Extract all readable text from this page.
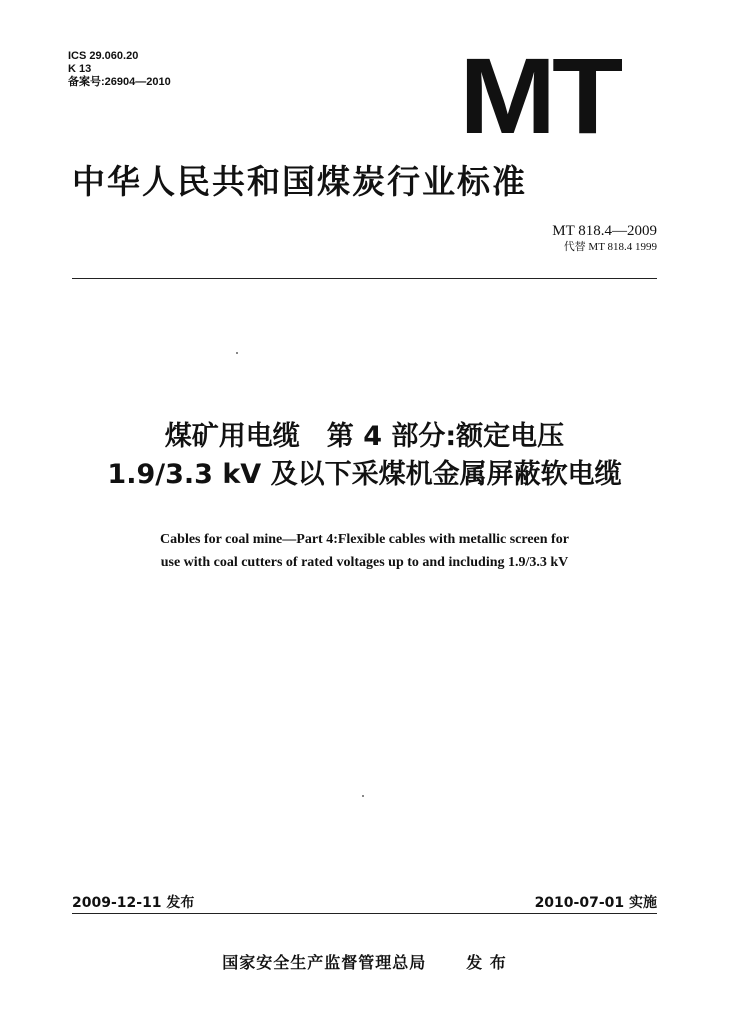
ICS 29.060.20
K 13
备案号:26904—2010	MT
中华人民共和国煤炭行业标准
MT 818.4—2009
代替 MT 818.4 1999
煤矿用电缆　第 4 部分:额定电压
1.9/3.3 kV 及以下采煤机金属屏蔽软电缆
Cables for coal mine—Part 4:Flexible cables with metallic screen for
use with coal cutters of rated voltages up to and including 1.9/3.3 kV
2009-12-11 发布	2010-07-01 实施
国家安全生产监督管理总局	发 布
